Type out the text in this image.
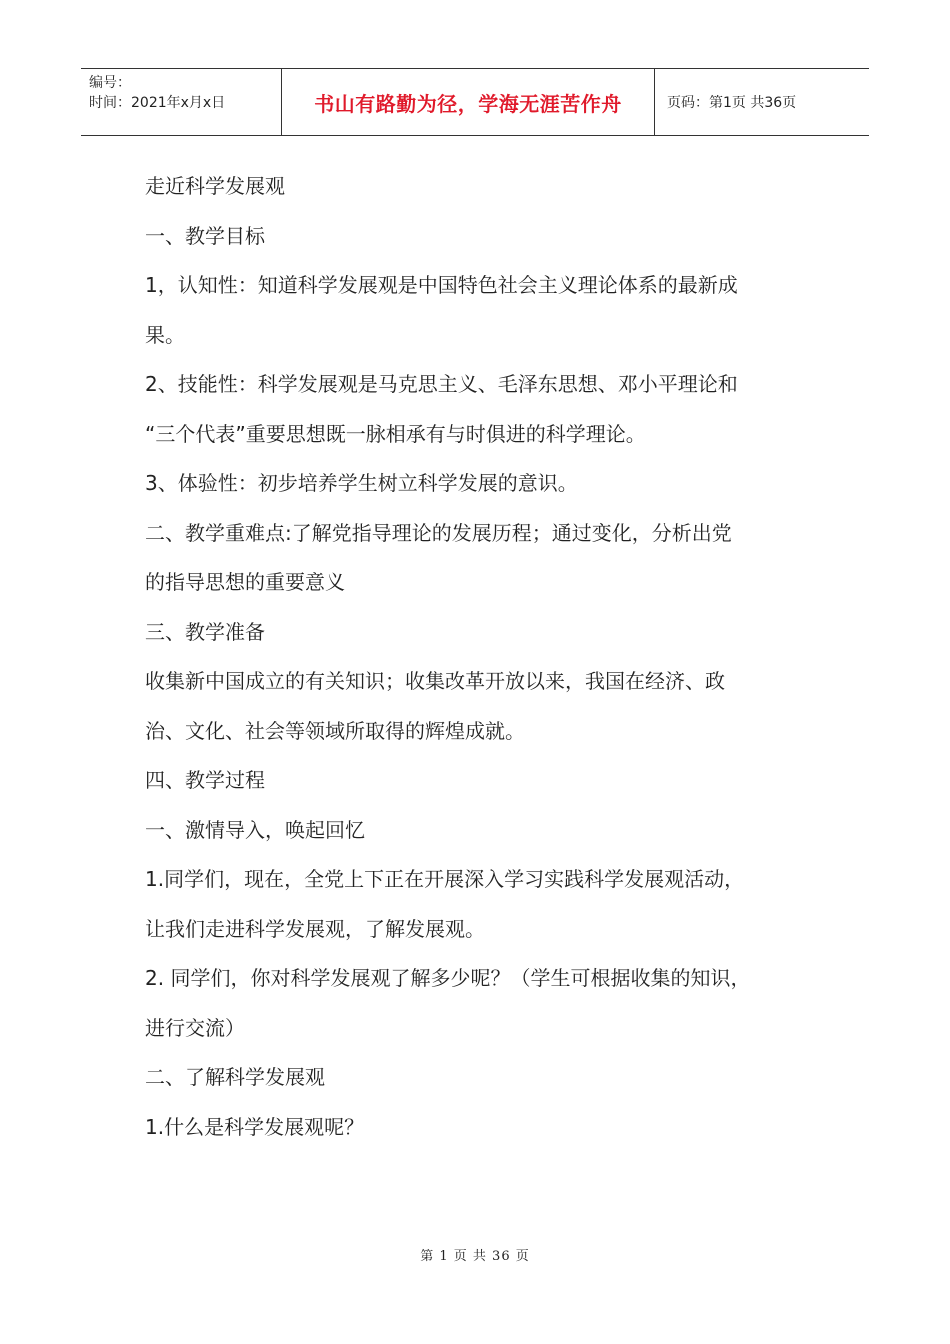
编号：
时间：2021年x月x日	书山有路勤为径，学海无涯苦作舟	页码：第1页 共36页

走近科学发展观

一、教学目标

1，认知性：知道科学发展观是中国特色社会主义理论体系的最新成

果。

2、技能性：科学发展观是马克思主义、毛泽东思想、邓小平理论和

“三个代表”重要思想既一脉相承有与时俱进的科学理论。

3、体验性：初步培养学生树立科学发展的意识。

二、教学重难点:了解党指导理论的发展历程；通过变化，分析出党

的指导思想的重要意义

三、教学准备

收集新中国成立的有关知识；收集改革开放以来，我国在经济、政

治、文化、社会等领域所取得的辉煌成就。

四、教学过程

一、激情导入，唤起回忆

1.同学们，现在，全党上下正在开展深入学习实践科学发展观活动，

让我们走进科学发展观，了解发展观。

2. 同学们，你对科学发展观了解多少呢？（学生可根据收集的知识，

进行交流）

二、了解科学发展观

1.什么是科学发展观呢？

第 1 页 共 36 页
